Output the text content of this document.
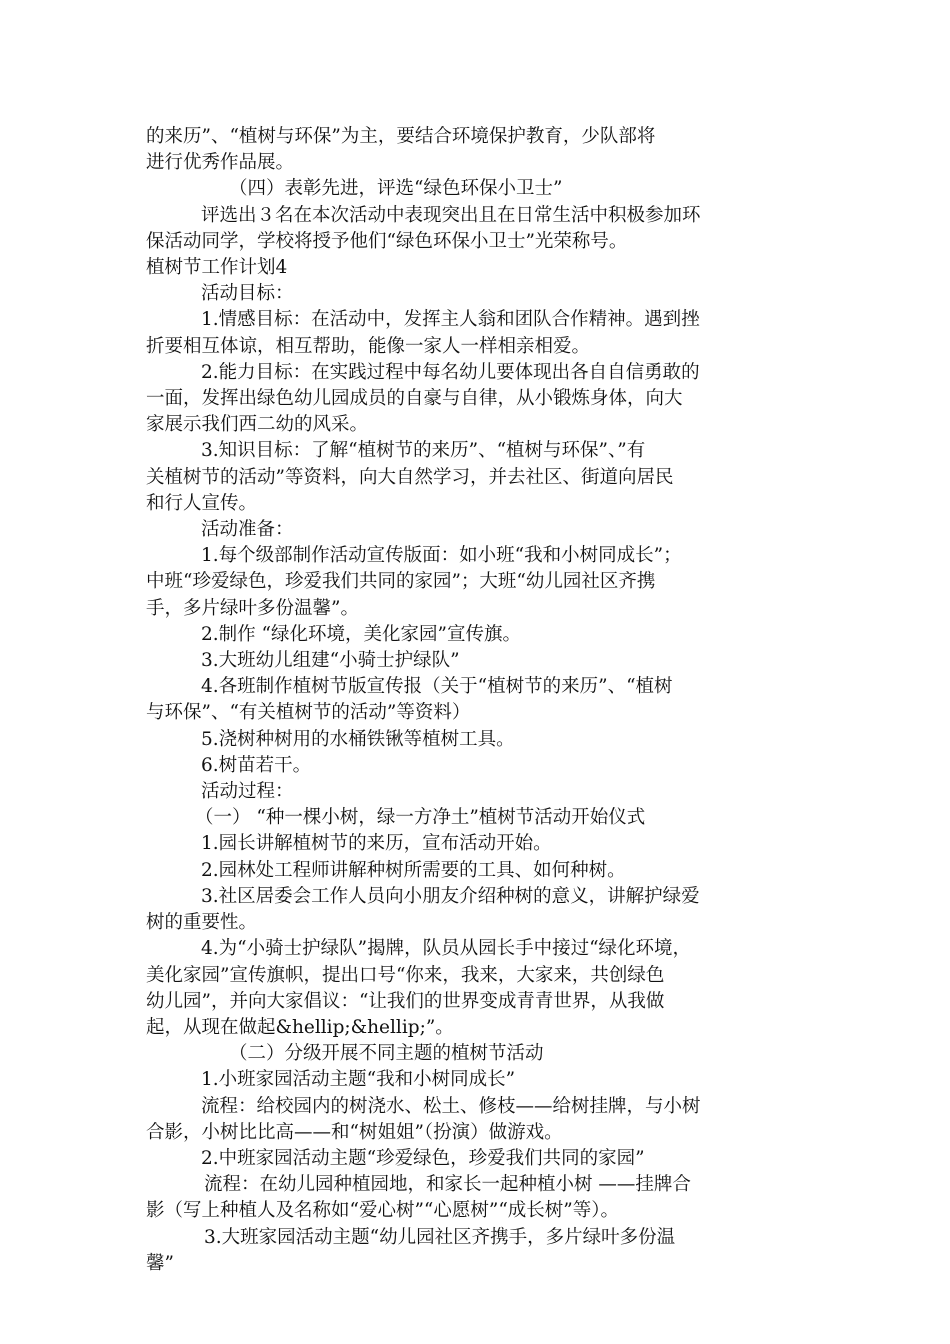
的来历”、“植树与环保”为主，要结合环境保护教育，少队部将

进行优秀作品展。

（四）表彰先进，评选“绿色环保小卫士”

评选出３名在本次活动中表现突出且在日常生活中积极参加环

保活动同学，学校将授予他们“绿色环保小卫士”光荣称号。

植树节工作计划4

活动目标：

1.情感目标：在活动中，发挥主人翁和团队合作精神。遇到挫

折要相互体谅，相互帮助，能像一家人一样相亲相爱。

2.能力目标：在实践过程中每名幼儿要体现出各自自信勇敢的

一面，发挥出绿色幼儿园成员的自豪与自律，从小锻炼身体，向大

家展示我们西二幼的风采。

3.知识目标：了解“植树节的来历”、“植树与环保”、”有

关植树节的活动”等资料，向大自然学习，并去社区、街道向居民

和行人宣传。

活动准备：

1.每个级部制作活动宣传版面：如小班“我和小树同成长”；

中班“珍爱绿色，珍爱我们共同的家园”；大班“幼儿园社区齐携

手，多片绿叶多份温馨”。

2.制作 “绿化环境，美化家园”宣传旗。

3.大班幼儿组建“小骑士护绿队”

4.各班制作植树节版宣传报（关于“植树节的来历”、“植树

与环保”、“有关植树节的活动”等资料）

5.浇树种树用的水桶铁锹等植树工具。

6.树苗若干。

活动过程：

（一） “种一棵小树，绿一方净土”植树节活动开始仪式

1.园长讲解植树节的来历，宣布活动开始。

2.园林处工程师讲解种树所需要的工具、如何种树。

3.社区居委会工作人员向小朋友介绍种树的意义，讲解护绿爱

树的重要性。

4.为“小骑士护绿队”揭牌，队员从园长手中接过“绿化环境，

美化家园”宣传旗帜，提出口号“你来，我来，大家来，共创绿色

幼儿园”，并向大家倡议：“让我们的世界变成青青世界，从我做

起，从现在做起&hellip;&hellip;”。

（二）分级开展不同主题的植树节活动

1.小班家园活动主题“我和小树同成长”

流程：给校园内的树浇水、松土、修枝——给树挂牌，与小树

合影，小树比比高——和“树姐姐”（扮演）做游戏。

2.中班家园活动主题“珍爱绿色，珍爱我们共同的家园”

流程：在幼儿园种植园地，和家长一起种植小树 ——挂牌合

影（写上种植人及名称如“爱心树”“心愿树”“成长树”等）。

3.大班家园活动主题“幼儿园社区齐携手，多片绿叶多份温

馨”
